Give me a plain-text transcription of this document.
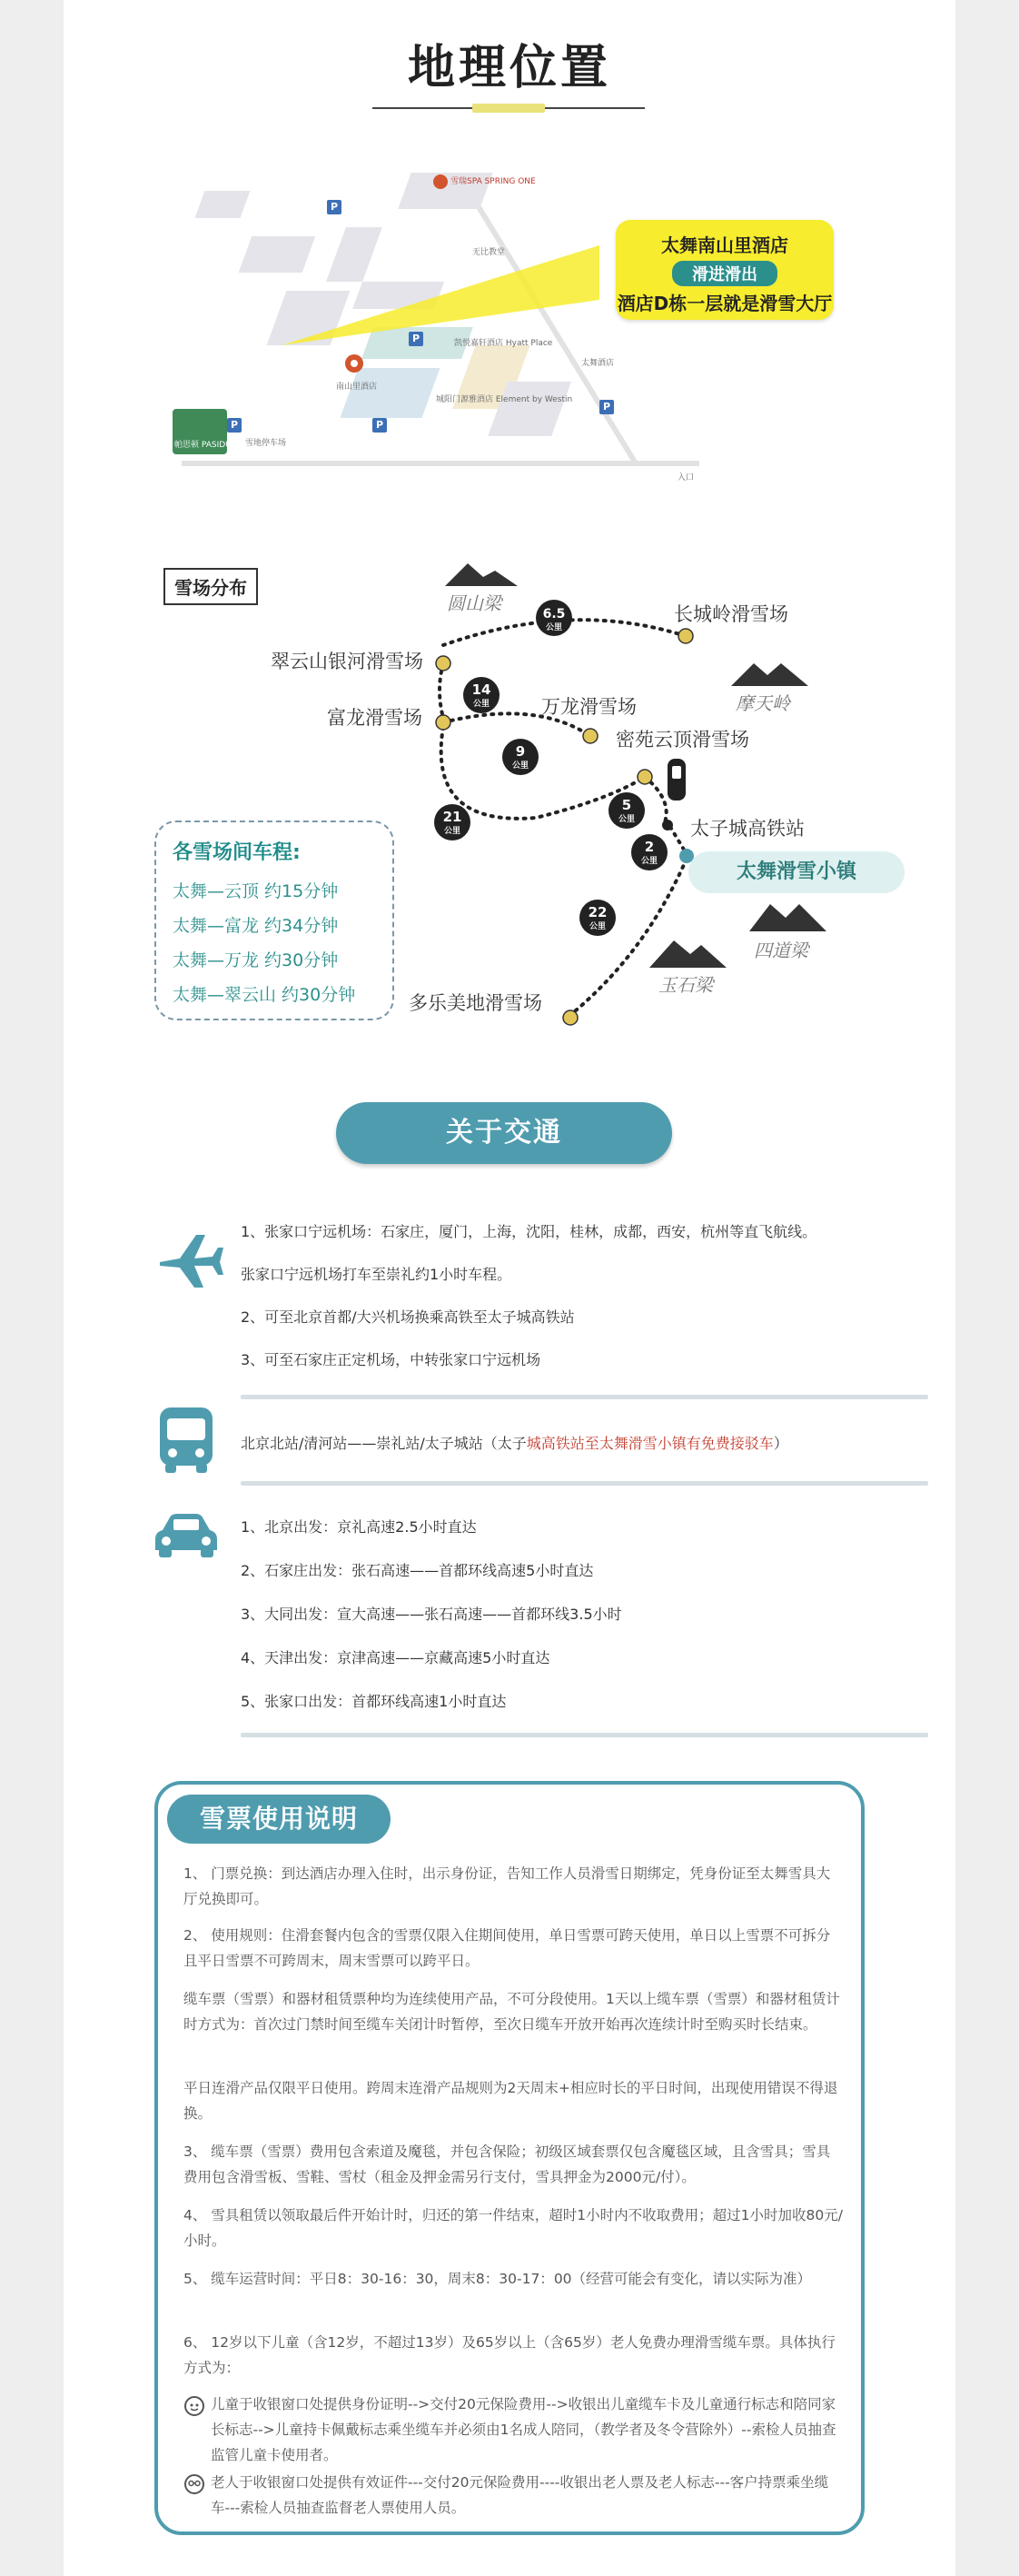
地理位置
雪瑞SPA SPRING ONE
无比教堂
南山里酒店
凯悦嘉轩酒店 Hyatt Place
城阳门源雅酒店 Element by Westin
太舞酒店
雪地停车场
帕思顿 PASIDUN
入口
P	P
P
P
P
太舞南山里酒店
滑进滑出
酒店D栋一层就是滑雪大厅
6.5
公里
14
公里
9
公里
21
公里
5
公里
2
公里
22
公里
雪场分布
长城岭滑雪场
翠云山银河滑雪场
富龙滑雪场	万龙滑雪场
密苑云顶滑雪场
太子城高铁站
多乐美地滑雪场
圆山梁
摩天岭
四道梁
玉石梁
太舞滑雪小镇
各雪场间车程:
太舞—云顶 约15分钟
太舞—富龙 约34分钟
太舞—万龙 约30分钟
太舞—翠云山 约30分钟
关于交通
1、张家口宁远机场：石家庄，厦门，上海，沈阳，桂林，成都，西安，杭州等直飞航线。
张家口宁远机场打车至崇礼约1小时车程。
2、可至北京首都/大兴机场换乘高铁至太子城高铁站
3、可至石家庄正定机场，中转张家口宁远机场
北京北站/清河站——崇礼站/太子城站（太子城高铁站至太舞滑雪小镇有免费接驳车）
1、北京出发：京礼高速2.5小时直达
2、石家庄出发：张石高速——首都环线高速5小时直达
3、大同出发：宣大高速——张石高速——首都环线3.5小时
4、天津出发：京津高速——京藏高速5小时直达
5、张家口出发：首都环线高速1小时直达
雪票使用说明
1、 门票兑换：到达酒店办理入住时，出示身份证，告知工作人员滑雪日期绑定，凭身份证至太舞雪具大厅兑换即可。
2、 使用规则：住滑套餐内包含的雪票仅限入住期间使用，单日雪票可跨天使用，单日以上雪票不可拆分且平日雪票不可跨周末，周末雪票可以跨平日。
缆车票（雪票）和器材租赁票种均为连续使用产品，不可分段使用。1天以上缆车票（雪票）和器材租赁计时方式为：首次过门禁时间至缆车关闭计时暂停，至次日缆车开放开始再次连续计时至购买时长结束。
平日连滑产品仅限平日使用。跨周末连滑产品规则为2天周末+相应时长的平日时间，出现使用错误不得退换。
3、 缆车票（雪票）费用包含索道及魔毯，并包含保险；初级区域套票仅包含魔毯区域，且含雪具；雪具费用包含滑雪板、雪鞋、雪杖（租金及押金需另行支付，雪具押金为2000元/付）。
4、 雪具租赁以领取最后件开始计时，归还的第一件结束，超时1小时内不收取费用；超过1小时加收80元/小时。
5、 缆车运营时间：平日8：30-16：30，周末8：30-17：00（经营可能会有变化，请以实际为准）
6、 12岁以下儿童（含12岁，不超过13岁）及65岁以上（含65岁）老人免费办理滑雪缆车票。具体执行方式为：
儿童于收银窗口处提供身份证明-->交付20元保险费用-->收银出儿童缆车卡及儿童通行标志和陪同家长标志-->儿童持卡佩戴标志乘坐缆车并必须由1名成人陪同，（教学者及冬令营除外）--索检人员抽查监管儿童卡使用者。
老人于收银窗口处提供有效证件---交付20元保险费用----收银出老人票及老人标志---客户持票乘坐缆车---索检人员抽查监督老人票使用人员。
